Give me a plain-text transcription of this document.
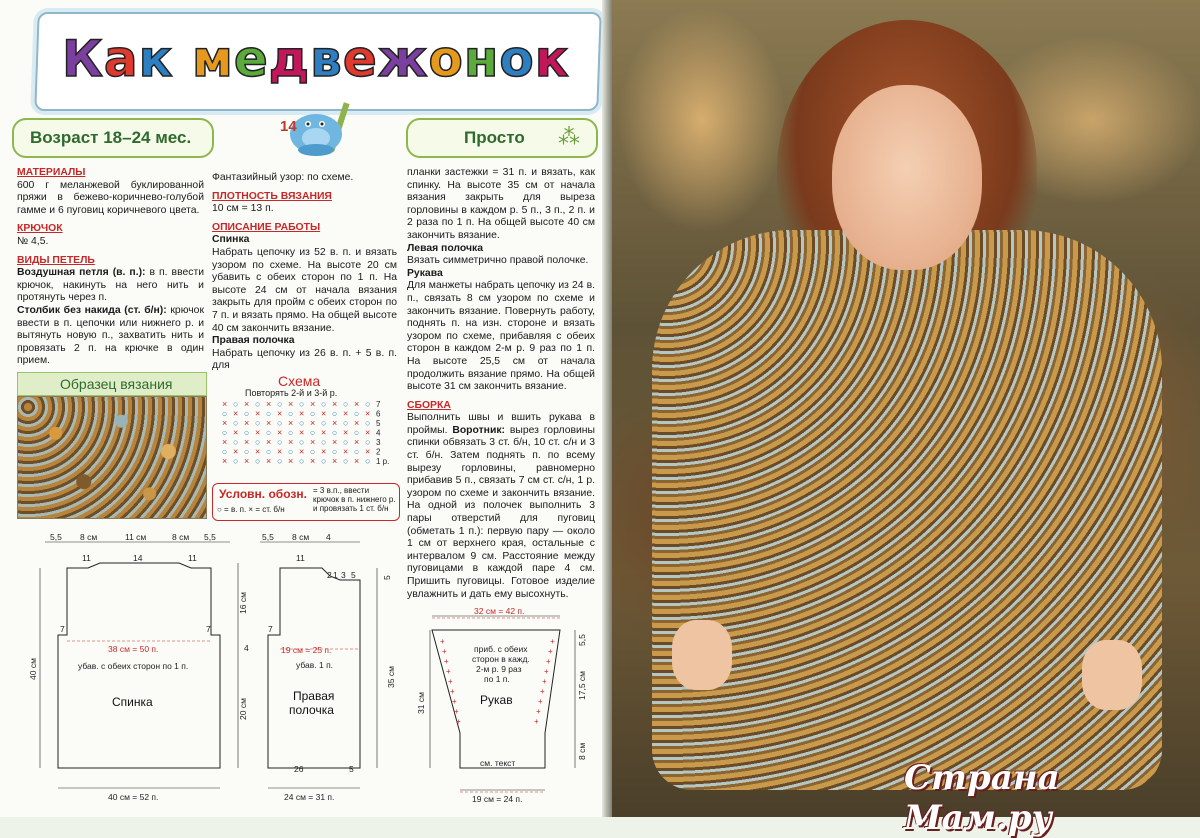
Как медвежонок
Возраст 18–24 мес.
14
Просто ⁂
МАТЕРИАЛЫ

600 г меланжевой буклированной пряжи в бежево-коричнево-голубой гамме и 6 пуговиц коричневого цвета.

КРЮЧОК

№ 4,5.

ВИДЫ ПЕТЕЛЬ

Воздушная петля (в. п.): в п. ввести крючок, накинуть на него нить и протянуть через п.

Столбик без накида (ст. б/н): крючок ввести в п. цепочки или нижнего р. и вытянуть новую п., захватить нить и провязать 2 п. на крючке в один прием.

Фантазийный узор: по схеме.

ПЛОТНОСТЬ ВЯЗАНИЯ

10 см = 13 п.

ОПИСАНИЕ РАБОТЫ
Спинка

Набрать цепочку из 52 в. п. и вязать узором по схеме. На высоте 20 см убавить с обеих сторон по 1 п. На высоте 24 см от начала вязания закрыть для пройм с обеих сторон по 7 п. и вязать прямо. На общей высоте 40 см закончить вязание.

Правая полочка

Набрать цепочку из 26 в. п. + 5 в. п. для

планки застежки = 31 п. и вязать, как спинку. На высоте 35 см от начала вязания закрыть для выреза горловины в каждом р. 5 п., 3 п., 2 п. и 2 раза по 1 п. На общей высоте 40 см закончить вязание.

Левая полочка

Вязать симметрично правой полочке.

Рукава

Для манжеты набрать цепочку из 24 в. п., связать 8 см узором по схеме и закончить вязание. Повернуть работу, поднять п. на изн. стороне и вязать узором по схеме, прибавляя с обеих сторон в каждом 2-м р. 9 раз по 1 п. На высоте 25,5 см от начала продолжить вязание прямо. На общей высоте 31 см закончить вязание.

СБОРКА

Выполнить швы и вшить рукава в проймы. Воротник: вырез горловины спинки обвязать 3 ст. б/н, 10 ст. с/н и 3 ст. б/н. Затем поднять п. по всему вырезу горловины, равномерно прибавив 5 п., связать 7 см ст. с/н, 1 р. узором по схеме и закончить вязание. На одной из полочек выполнить 3 пары отверстий для пуговиц (обметать 1 п.): первую пару — около 1 см от верхнего края, остальные с интервалом 9 см. Расстояние между пуговицами в каждой паре 4 см. Пришить пуговицы. Готовое изделие увлажнить и дать ему высохнуть.

Образец вязания	Схема
Повторять 2-й и 3-й р.
× ○ × ○ × ○ × ○ × ○ × ○ × ○ 7
○ × ○ × ○ × ○ × ○ × ○ × ○ × 6
× ○ × ○ × ○ × ○ × ○ × ○ × ○ 5
○ × ○ × ○ × ○ × ○ × ○ × ○ × 4
× ○ × ○ × ○ × ○ × ○ × ○ × ○ 3
○ × ○ × ○ × ○ × ○ × ○ × ○ × 2
× ○ × ○ × ○ × ○ × ○ × ○ × ○ 1 р.
Условн. обозн.
○ = в. п. × = ст. б/н
= 3 в.п., ввести крючок в п. нижнего р. и провязать 1 ст. б/н
5,5 8 см	11 см	8 см 5,5
11	14	11
7	7
38 см = 50 п.
убав. с обеих сторон по 1 п.
40 см
Спинка
40 см = 52 п.
5,5 8 см 4
11
2 1 3 5
16 см
4
7
19 см = 25 п.
убав. 1 п.
20 см
35 см
5
Правая
полочка
26	5
24 см = 31 п.
32 см = 42 п.
приб. с обеих
сторон в кажд.
2-м р. 9 раз
по 1 п.
Рукав
31 см
5,5
17,5 см
8 см
см. текст
19 см = 24 п.
+	+
+	+
+	+
+	+
+	+
+	+
+	+
+	+
+	+
Страна Мам.ру
